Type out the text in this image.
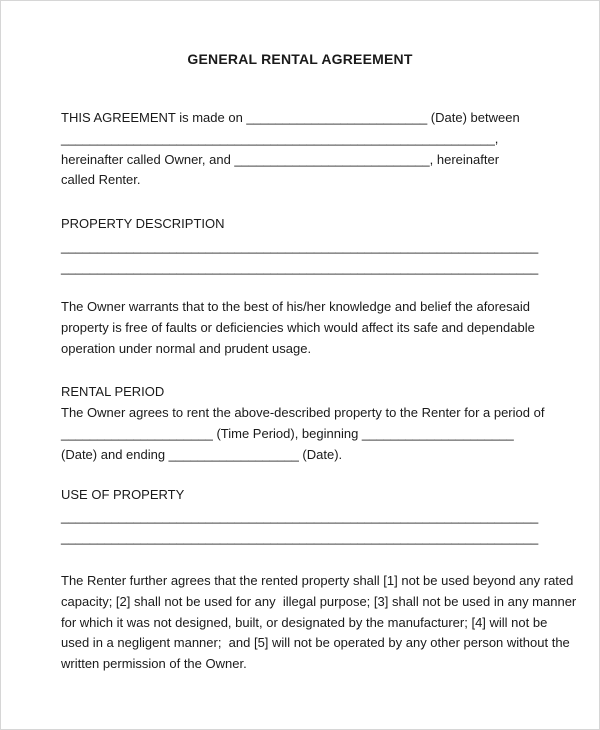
GENERAL RENTAL AGREEMENT

THIS AGREEMENT is made on _________________________ (Date) between
____________________________________________________________,
hereinafter called Owner, and ___________________________, hereinafter
called Renter.

PROPERTY DESCRIPTION

__________________________________________________________________
__________________________________________________________________

The Owner warrants that to the best of his/her knowledge and belief the aforesaid
property is free of faults or deficiencies which would affect its safe and dependable
operation under normal and prudent usage.

RENTAL PERIOD

The Owner agrees to rent the above-described property to the Renter for a period of
_____________________ (Time Period), beginning _____________________
(Date) and ending __________________ (Date).

USE OF PROPERTY

__________________________________________________________________
__________________________________________________________________

The Renter further agrees that the rented property shall [1] not be used beyond any rated
capacity; [2] shall not be used for any  illegal purpose; [3] shall not be used in any manner
for which it was not designed, built, or designated by the manufacturer; [4] will not be
used in a negligent manner;  and [5] will not be operated by any other person without the
written permission of the Owner.
